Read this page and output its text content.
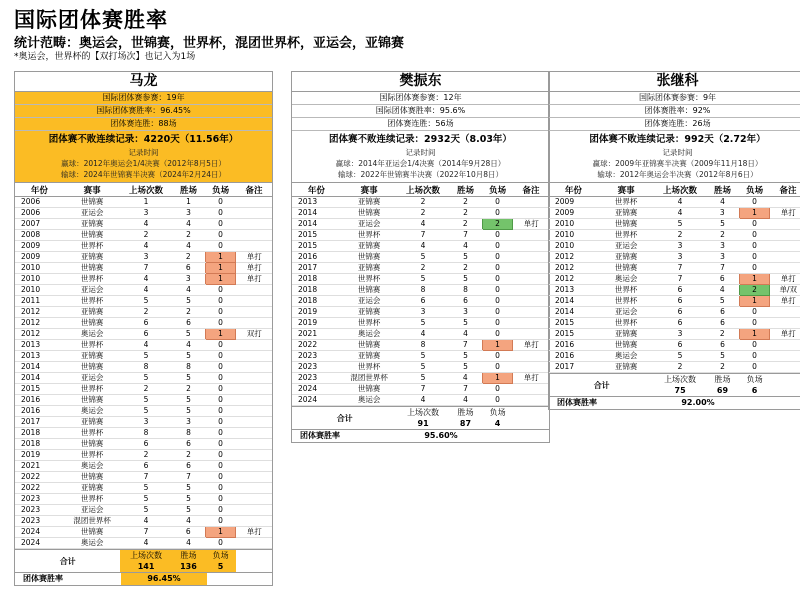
国际团体赛胜率
统计范畴：奥运会，世锦赛，世界杯，混团世界杯，亚运会，亚锦赛
*奥运会，世界杯的【双打场次】也记入为1场
马龙
国际团体赛参赛：19年
国际团体赛胜率：96.45%
团体赛连胜：88场
团体赛不败连续记录：4220天（11.56年）
记录时间
赢球：2012年奥运会1/4决赛（2012年8月5日）
输球：2024年世锦赛半决赛（2024年2月24日）
年份	赛事	上场次数	胜场	负场	备注
2006	世锦赛	1	1	0	
2006	亚运会	3	3	0	
2007	亚锦赛	4	4	0	
2008	世锦赛	2	2	0	
2009	世界杯	4	4	0	
2009	亚锦赛	3	2	1	单打
2010	世锦赛	7	6	1	单打
2010	世界杯	4	3	1	单打
2010	亚运会	4	4	0	
2011	世界杯	5	5	0	
2012	亚锦赛	2	2	0	
2012	世锦赛	6	6	0	
2012	奥运会	6	5	1	双打
2013	世界杯	4	4	0	
2013	亚锦赛	5	5	0	
2014	世锦赛	8	8	0	
2014	亚运会	5	5	0	
2015	世界杯	2	2	0	
2016	世锦赛	5	5	0	
2016	奥运会	5	5	0	
2017	亚锦赛	3	3	0	
2018	世界杯	8	8	0	
2018	世锦赛	6	6	0	
2019	世界杯	2	2	0	
2021	奥运会	6	6	0	
2022	世锦赛	7	7	0	
2022	亚锦赛	5	5	0	
2023	世界杯	5	5	0	
2023	亚运会	5	5	0	
2023	混团世界杯	4	4	0	
2024	世锦赛	7	6	1	单打
2024	奥运会	4	4	0	
合计	上场次数	胜场	负场	
	141	136	5	
团体赛胜率	96.45%
樊振东
国际团体赛参赛：12年
国际团体赛胜率：95.6%
团体赛连胜：56场
团体赛不败连续记录：2932天（8.03年）
记录时间
赢球：2014年亚运会1/4决赛（2014年9月28日）
输球：2022年世锦赛半决赛（2022年10月8日）
年份	赛事	上场次数	胜场	负场	备注
2013	亚锦赛	2	2	0	
2014	世锦赛	2	2	0	
2014	亚运会	4	2	2	单打
2015	世界杯	7	7	0	
2015	亚锦赛	4	4	0	
2016	世锦赛	5	5	0	
2017	亚锦赛	2	2	0	
2018	世界杯	5	5	0	
2018	世锦赛	8	8	0	
2018	亚运会	6	6	0	
2019	亚锦赛	3	3	0	
2019	世界杯	5	5	0	
2021	奥运会	4	4	0	
2022	世锦赛	8	7	1	单打
2023	亚锦赛	5	5	0	
2023	世界杯	5	5	0	
2023	混团世界杯	5	4	1	单打
2024	世锦赛	7	7	0	
2024	奥运会	4	4	0	
合计	上场次数	胜场	负场	
	91	87	4	
团体赛胜率	95.60%
张继科
国际团体赛参赛：9年
团体赛胜率：92%
团体赛连胜：26场
团体赛不败连续记录：992天（2.72年）
记录时间
赢球：2009年亚锦赛半决赛（2009年11月18日）
输球：2012年奥运会半决赛（2012年8月6日）
年份	赛事	上场次数	胜场	负场	备注
2009	世界杯	4	4	0	
2009	亚锦赛	4	3	1	单打
2010	世锦赛	5	5	0	
2010	世界杯	2	2	0	
2010	亚运会	3	3	0	
2012	亚锦赛	3	3	0	
2012	世锦赛	7	7	0	
2012	奥运会	7	6	1	单打
2013	世界杯	6	4	2	单/双
2014	世界杯	6	5	1	单打
2014	亚运会	6	6	0	
2015	世界杯	6	6	0	
2015	亚锦赛	3	2	1	单打
2016	世锦赛	6	6	0	
2016	奥运会	5	5	0	
2017	亚锦赛	2	2	0	
合计	上场次数	胜场	负场	
	75	69	6	
团体赛胜率	92.00%
